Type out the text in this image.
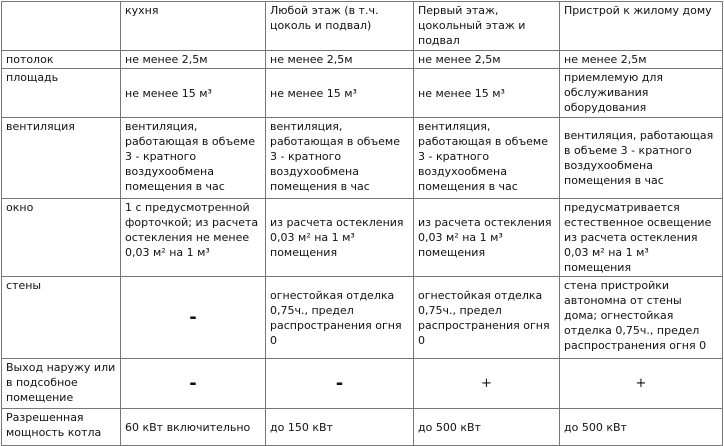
	кухня	Любой этаж (в т.ч. цоколь и подвал)	Первый этаж, цокольный этаж и подвал	Пристрой к жилому дому
потолок	не менее 2,5м	не менее 2,5м	не менее 2,5м	не менее 2,5м
площадь	не менее 15 м³	не менее 15 м³	не менее 15 м³	приемлемую для обслуживания оборудования
вентиляция	вентиляция, работающая в объеме 3 - кратного воздухообмена помещения в час	вентиляция, работающая в объеме 3 - кратного воздухообмена помещения в час	вентиляция, работающая в объеме 3 - кратного воздухообмена помещения в час	вентиляция, работающая в объеме 3 - кратного воздухообмена помещения в час
окно	1 с предусмотренной форточкой; из расчета остекления не менее 0,03 м² на 1 м³	из расчета остекления 0,03 м² на 1 м³ помещения	из расчета остекления 0,03 м² на 1 м³ помещения	предусматривается естественное освещение из расчета остекления 0,03 м² на 1 м³ помещения
стены	-	огнестойкая отделка 0,75ч., предел распространения огня 0	огнестойкая отделка 0,75ч., предел распространения огня 0	стена пристройки автономна от стены дома; огнестойкая отделка 0,75ч., предел распространения огня 0
Выход наружу или в подсобное помещение	-	-	+	+
Разрешенная мощность котла	60 кВт включительно	до 150 кВт	до 500 кВт	до 500 кВт
